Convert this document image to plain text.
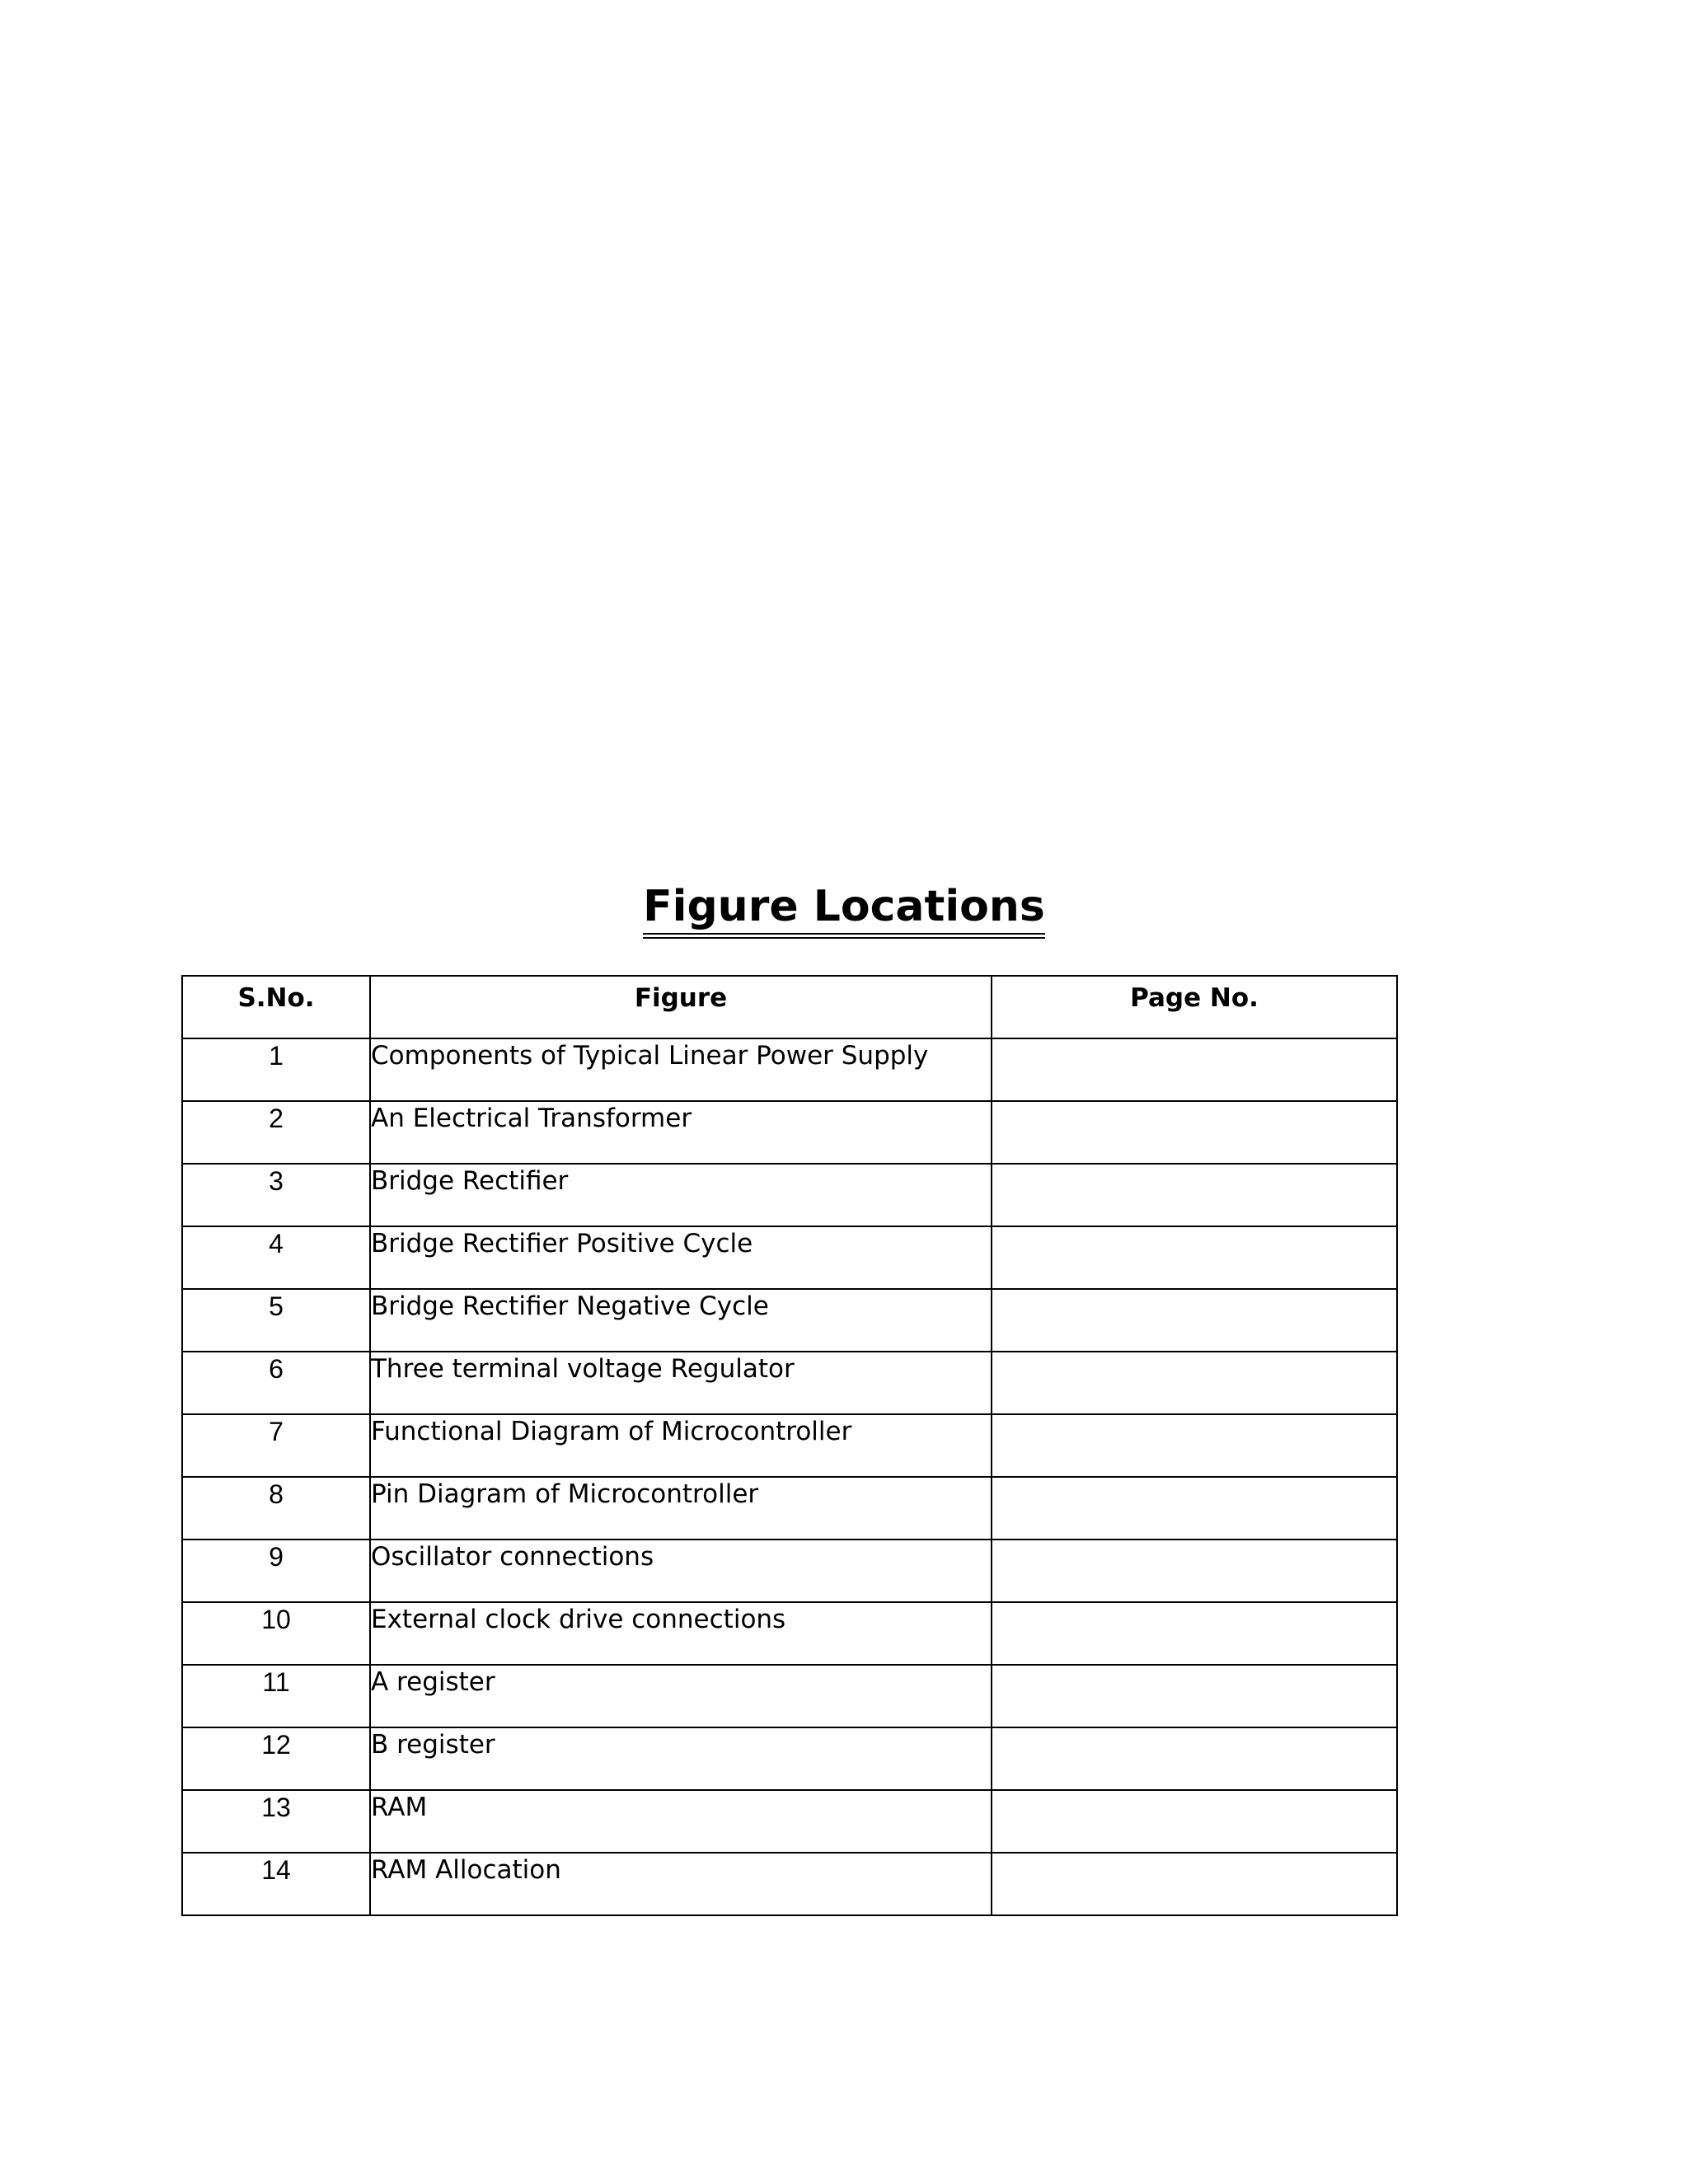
Figure Locations
S.No.	Figure	Page No.
1	Components of Typical Linear Power Supply	
2	An Electrical Transformer	
3	Bridge Rectifier	
4	Bridge Rectifier Positive Cycle	
5	Bridge Rectifier Negative Cycle	
6	Three terminal voltage Regulator	
7	Functional Diagram of Microcontroller	
8	Pin Diagram of Microcontroller	
9	Oscillator connections	
10	External clock drive connections	
11	A register	
12	B register	
13	RAM	
14	RAM Allocation	
